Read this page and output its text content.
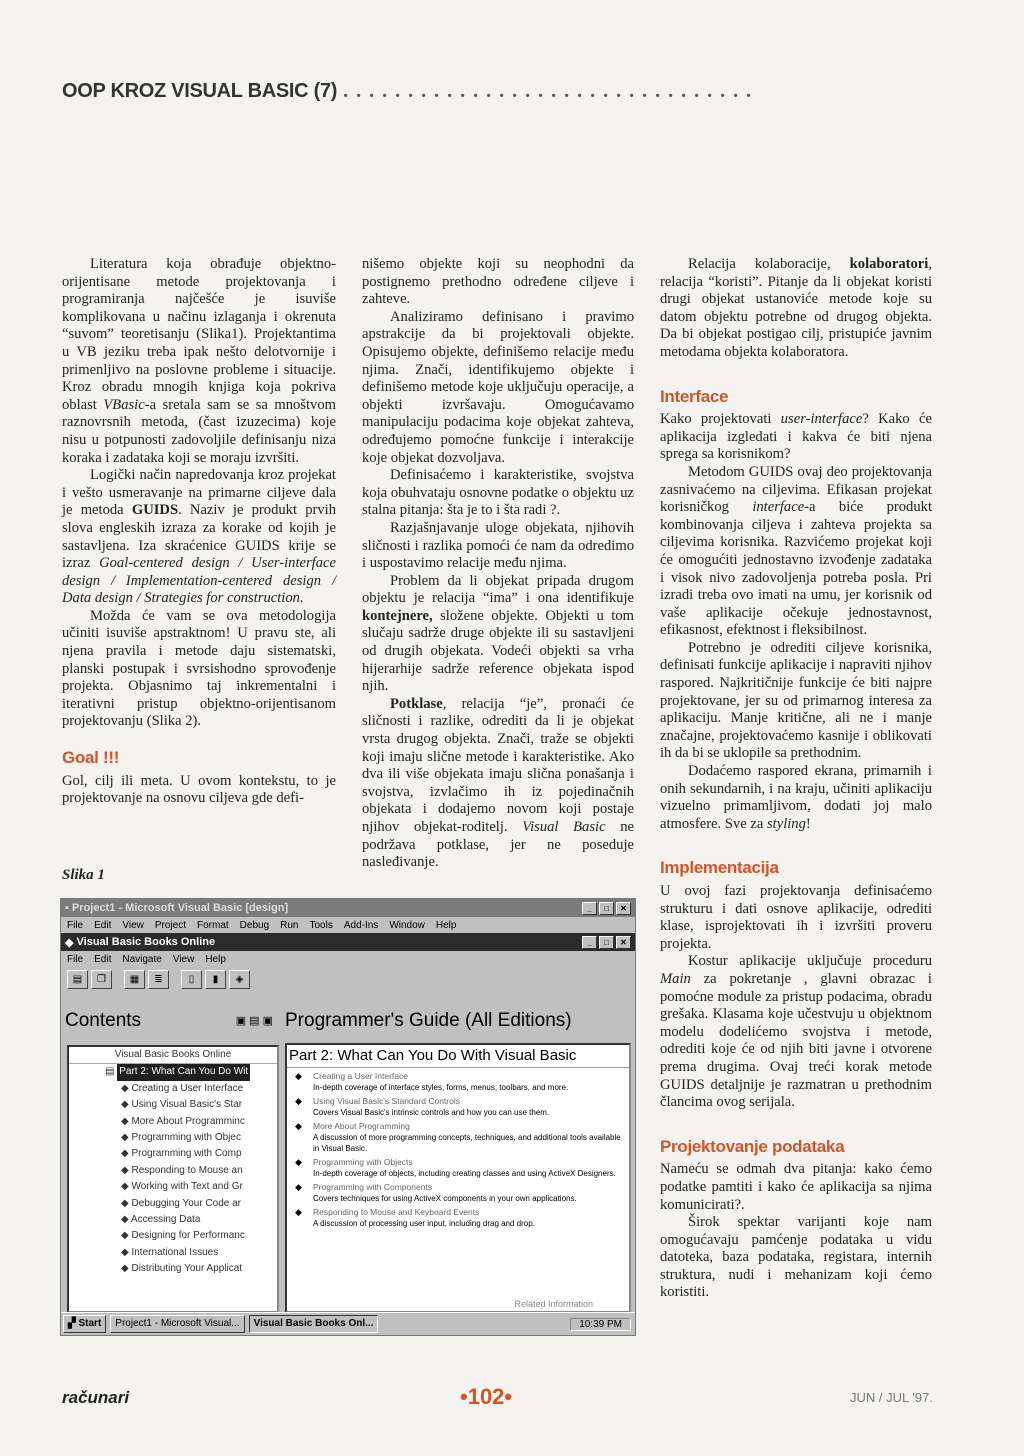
OOP KROZ VISUAL BASIC (7) ................................

Literatura koja obrađuje objektno-orijentisane metode projektovanja i programiranja najčešće je isuviše komplikovana u načinu izlaganja i okrenuta “suvom” teoretisanju (Slika1). Projektantima u VB jeziku treba ipak nešto delotvornije i primenljivo na poslovne probleme i situacije. Kroz obradu mnogih knjiga koja pokriva oblast VBasic-a sretala sam se sa mnoštvom raznovrsnih metoda, (čast izuzecima) koje nisu u potpunosti zadovoljile definisanju niza koraka i zadataka koji se moraju izvršiti.

Logički način napredovanja kroz projekat i vešto usmeravanje na primarne ciljeve dala je metoda GUIDS. Naziv je produkt prvih slova engleskih izraza za korake od kojih je sastavljena. Iza skraćenice GUIDS krije se izraz Goal-centered design / User-interface design / Implementation-centered design / Data design / Strategies for construction.

Možda će vam se ova metodologija učiniti isuviše apstraktnom! U pravu ste, ali njena pravila i metode daju sistematski, planski postupak i svrsishodno sprovođenje projekta. Objasnimo taj inkrementalni i iterativni pristup objektno-orijentisanom projektovanju (Slika 2).

Goal !!!

Gol, cilj ili meta. U ovom kontekstu, to je projektovanje na osnovu ciljeva gde defi-

nišemo objekte koji su neophodni da postignemo prethodno određene ciljeve i zahteve.

Analiziramo definisano i pravimo apstrakcije da bi projektovali objekte. Opisujemo objekte, definišemo relacije među njima. Znači, identifikujemo objekte i definišemo metode koje uključuju operacije, a objekti izvršavaju. Omogućavamo manipulaciju podacima koje objekat zahteva, određujemo pomoćne funkcije i interakcije koje objekat dozvoljava.

Definisaćemo i karakteristike, svojstva koja obuhvataju osnovne podatke o objektu uz stalna pitanja: šta je to i šta radi ?.

Razjašnjavanje uloge objekata, njihovih sličnosti i razlika pomoći će nam da odredimo i uspostavimo relacije među njima.

Problem da li objekat pripada drugom objektu je relacija “ima” i ona identifikuje kontejnere, složene objekte. Objekti u tom slučaju sadrže druge objekte ili su sastavljeni od drugih objekata. Vodeći objekti sa vrha hijerarhije sadrže reference objekata ispod njih.

Potklase, relacija “je”, pronaći će sličnosti i razlike, odrediti da li je objekat vrsta drugog objekta. Znači, traže se objekti koji imaju slične metode i karakteristike. Ako dva ili više objekata imaju slična ponašanja i svojstva, izvlačimo ih iz pojedinačnih objekata i dodajemo novom koji postaje njihov objekat-roditelj. Visual Basic ne podržava potklase, jer ne poseduje nasleđivanje.

Relacija kolaboracije, kolaboratori, relacija “koristi”. Pitanje da li objekat koristi drugi objekat ustanoviće metode koje su datom objektu potrebne od drugog objekta. Da bi objekat postigao cilj, pristupiće javnim metodama objekta kolaboratora.

Interface

Kako projektovati user-interface? Kako će aplikacija izgledati i kakva će biti njena sprega sa korisnikom?

Metodom GUIDS ovaj deo projektovanja zasnivaćemo na ciljevima. Efikasan projekat korisničkog interface-a biće produkt kombinovanja ciljeva i zahteva projekta sa ciljevima korisnika. Razvićemo projekat koji će omogućiti jednostavno izvođenje zadataka i visok nivo zadovoljenja potreba posla. Pri izradi treba ovo imati na umu, jer korisnik od vaše aplikacije očekuje jednostavnost, efikasnost, efektnost i fleksibilnost.

Potrebno je odrediti ciljeve korisnika, definisati funkcije aplikacije i napraviti njihov raspored. Najkritičnije funkcije će biti najpre projektovane, jer su od primarnog interesa za aplikaciju. Manje kritične, ali ne i manje značajne, projektovaćemo kasnije i oblikovati ih da bi se uklopile sa prethodnim.

Dodaćemo raspored ekrana, primarnih i onih sekundarnih, i na kraju, učiniti aplikaciju vizuelno primamljivom, dodati joj malo atmosfere. Sve za styling!

Implementacija

U ovoj fazi projektovanja definisaćemo strukturu i dati osnove aplikacije, odrediti klase, isprojektovati ih i izvršiti proveru projekta.

Kostur aplikacije uključuje proceduru Main za pokretanje , glavni obrazac i pomoćne module za pristup podacima, obradu grešaka. Klasama koje učestvuju u objektnom modelu dodelićemo svojstva i metode, odrediti koje će od njih biti javne i otvorene prema drugima. Ovaj treći korak metode GUIDS detaljnije je razmatran u prethodnim člancima ovog serijala.

Projektovanje podataka

Nameću se odmah dva pitanja: kako ćemo podatke pamtiti i kako će aplikacija sa njima komunicirati?.

Širok spektar varijanti koje nam omogućavaju pamćenje podataka u vidu datoteka, baza podataka, registara, internih struktura, nudi i mehanizam koji ćemo koristiti.

Slika 1
▪ Project1 - Microsoft Visual Basic [design]	_	□	✕
File Edit View Project Format Debug Run Tools Add-Ins Window Help
◆ Visual Basic Books Online	_	□	✕
File Edit Navigate View Help
▤	❐	▦	≣	▯	▮	◈
Contents	▣ ▤ ▣
Visual Basic Books Online
▤ Part 2: What Can You Do Wit
◆ Creating a User Interface
◆ Using Visual Basic's Star
◆ More About Programminc
◆ Programming with Objec
◆ Programming with Comp
◆ Responding to Mouse an
◆ Working with Text and Gr
◆ Debugging Your Code ar
◆ Accessing Data
◆ Designing for Performanc
◆ International Issues
◆ Distributing Your Applicat
Programmer's Guide (All Editions)
Part 2: What Can You Do With Visual Basic
◆ Creating a User Interface
In-depth coverage of interface styles, forms, menus, toolbars, and more.
◆ Using Visual Basic's Standard Controls
Covers Visual Basic's intrinsic controls and how you can use them.
◆ More About Programming
A discussion of more programming concepts, techniques, and additional tools available in Visual Basic.
◆ Programming with Objects
In-depth coverage of objects, including creating classes and using ActiveX Designers.
◆ Programming with Components
Covers techniques for using ActiveX components in your own applications.
◆ Responding to Mouse and Keyboard Events
A discussion of processing user input, including drag and drop.
Related Information
▞ Start	Project1 - Microsoft Visual...	Visual Basic Books Onl...	10:39 PM
računari	•102•	JUN / JUL '97.
